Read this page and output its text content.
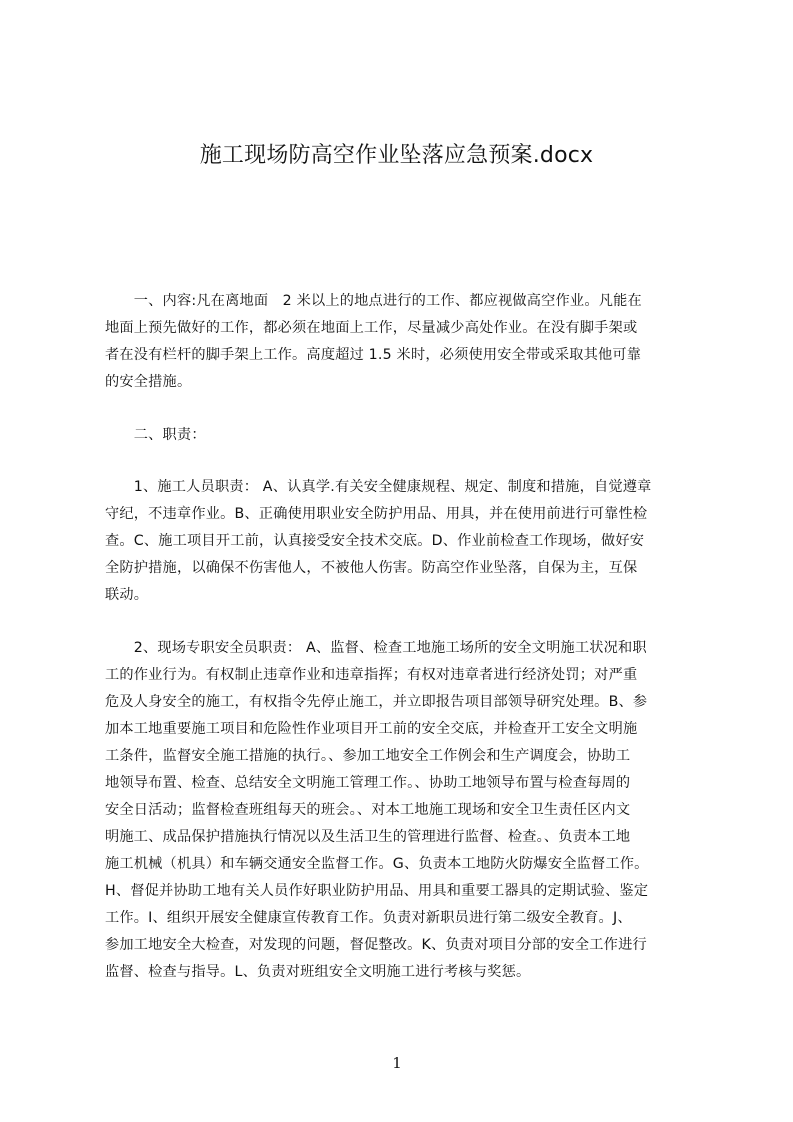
施工现场防高空作业坠落应急预案.docx
　　一、内容:凡在离地面　2 米以上的地点进行的工作、都应视做高空作业。凡能在
地面上预先做好的工作，都必须在地面上工作，尽量减少高处作业。在没有脚手架或
者在没有栏杆的脚手架上工作。高度超过 1.5 米时，必须使用安全带或采取其他可靠
的安全措施。
　　二、职责：
　　1、施工人员职责： A、认真学.有关安全健康规程、规定、制度和措施，自觉遵章
守纪，不违章作业。B、正确使用职业安全防护用品、用具，并在使用前进行可靠性检
查。C、施工项目开工前，认真接受安全技术交底。D、作业前检查工作现场，做好安
全防护措施，以确保不伤害他人，不被他人伤害。防高空作业坠落，自保为主，互保
联动。
　　2、现场专职安全员职责： A、监督、检查工地施工场所的安全文明施工状况和职
工的作业行为。有权制止违章作业和违章指挥；有权对违章者进行经济处罚；对严重
危及人身安全的施工，有权指令先停止施工，并立即报告项目部领导研究处理。B、参
加本工地重要施工项目和危险性作业项目开工前的安全交底，并检查开工安全文明施
工条件，监督安全施工措施的执行。、参加工地安全工作例会和生产调度会，协助工
地领导布置、检查、总结安全文明施工管理工作。、协助工地领导布置与检查每周的
安全日活动；监督检查班组每天的班会。、对本工地施工现场和安全卫生责任区内文
明施工、成品保护措施执行情况以及生活卫生的管理进行监督、检查。、负责本工地
施工机械（机具）和车辆交通安全监督工作。G、负责本工地防火防爆安全监督工作。
H、督促并协助工地有关人员作好职业防护用品、用具和重要工器具的定期试验、鉴定
工作。I、组织开展安全健康宣传教育工作。负责对新职员进行第二级安全教育。J、
参加工地安全大检查，对发现的问题，督促整改。K、负责对项目分部的安全工作进行
监督、检查与指导。L、负责对班组安全文明施工进行考核与奖惩。
1
